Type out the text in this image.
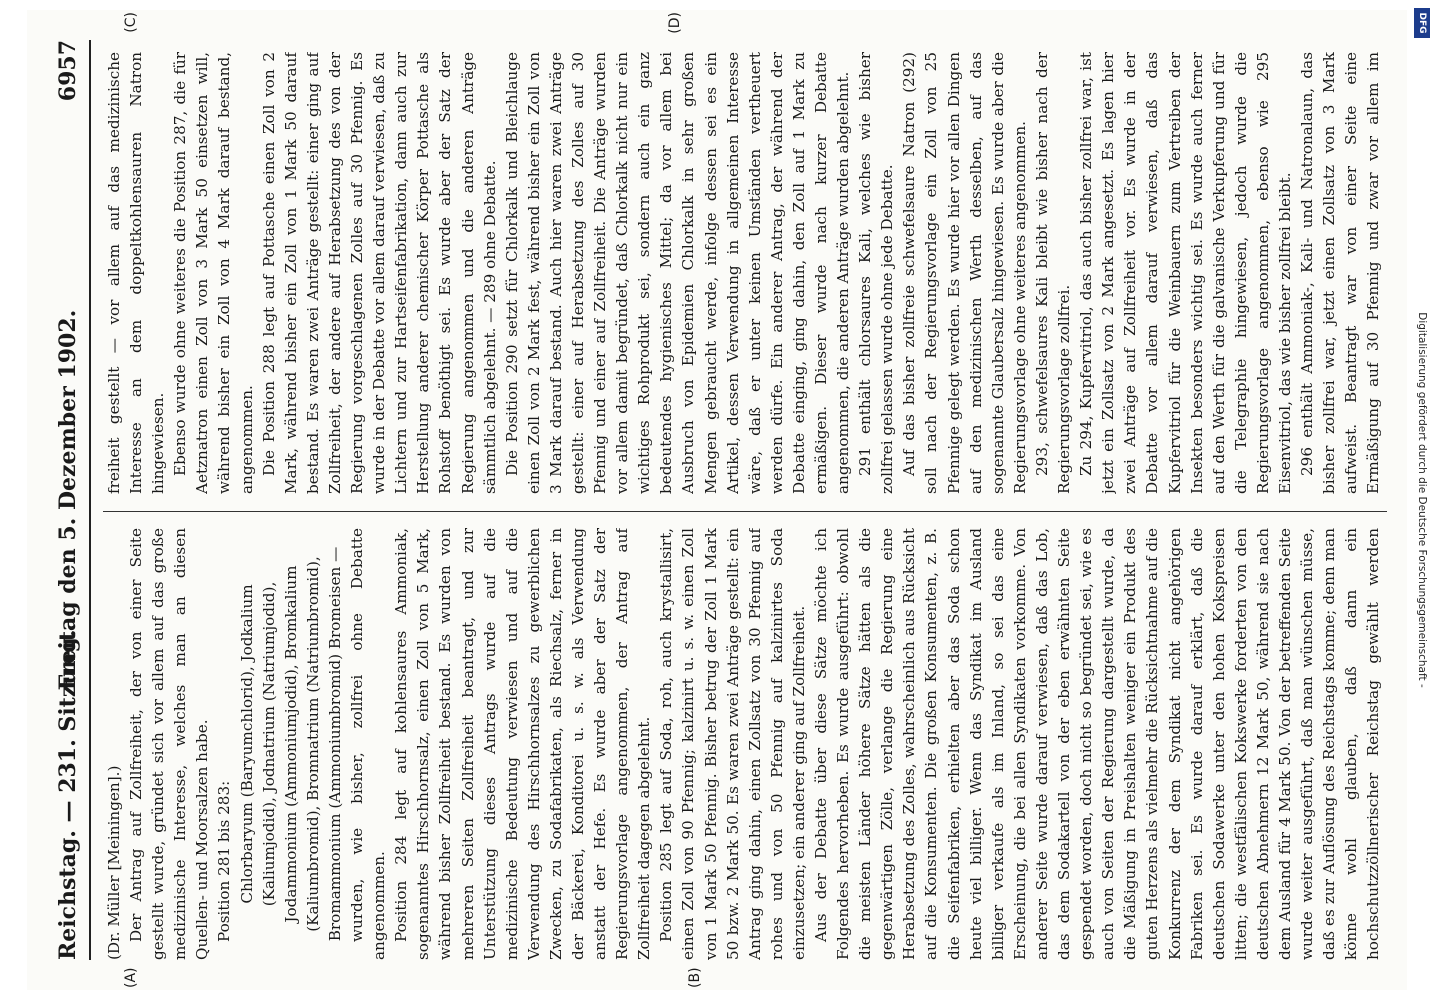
Reichstag. — 231. Sitzung.
Freitag den 5. Dezember 1902.
6957
(A)	(B)
(C)	(D)

(Dr. Müller [Meiningen].) Der Antrag auf Zollfreiheit, der von einer Seite gestellt wurde, gründet sich vor allem auf das große medizinische Interesse, welches man an diesen Quellen- und Moorsalzen habe. Position 281 bis 283: Chlorbaryum (Baryumchlorid), Jodkalium (Kaliumjodid), Jodnatrium (Natriumjodid), Jodammonium (Ammoniumjodid), Bromkalium (Kaliumbromid), Bromnatrium (Natriumbromid), Bromammonium (Ammoniumbromid) Bromeisen — wurden, wie bisher, zollfrei ohne Debatte angenommen. Position 284 legt auf kohlensaures Ammoniak, sogenanntes Hirschhornsalz, einen Zoll von 5 Mark, während bisher Zollfreiheit bestand. Es wurden von mehreren Seiten Zollfreiheit beantragt, und zur Unterstützung dieses Antrags wurde auf die medizinische Bedeutung verwiesen und auf die Verwendung des Hirschhornsalzes zu gewerblichen Zwecken, zu Sodafabrikaten, als Riechsalz, ferner in der Bäckerei, Konditorei u. s. w. als Verwendung anstatt der Hefe. Es wurde aber der Satz der Regierungsvorlage angenommen, der Antrag auf Zollfreiheit dagegen abgelehnt. Position 285 legt auf Soda, roh, auch krystallisirt, einen Zoll von 90 Pfennig; kalzinirt u. s. w. einen Zoll von 1 Mark 50 Pfennig. Bisher betrug der Zoll 1 Mark 50 bzw. 2 Mark 50. Es waren zwei Anträge gestellt: ein Antrag ging dahin, einen Zollsatz von 30 Pfennig auf rohes und von 50 Pfennig auf kalzinirtes Soda einzusetzen; ein anderer ging auf Zollfreiheit. Aus der Debatte über diese Sätze möchte ich Folgendes hervorheben. Es wurde ausgeführt: obwohl die meisten Länder höhere Sätze hätten als die gegenwärtigen Zölle, verlange die Regierung eine Herabsetzung des Zolles, wahrscheinlich aus Rücksicht auf die Konsumenten. Die großen Konsumenten, z. B. die Seifenfabriken, erhielten aber das Soda schon heute viel billiger. Wenn das Syndikat im Ausland billiger verkaufe als im Inland, so sei das eine Erscheinung, die bei allen Syndikaten vorkomme. Von anderer Seite wurde darauf verwiesen, daß das Lob, das dem Sodakartell von der eben erwähnten Seite gespendet worden, doch nicht so begründet sei, wie es auch von Seiten der Regierung dargestellt wurde, da die Mäßigung in Preishalten weniger ein Produkt des guten Herzens als vielmehr die Rücksichtnahme auf die Konkurrenz der dem Syndikat nicht angehörigen Fabriken sei. Es wurde darauf erklärt, daß die deutschen Sodawerke unter den hohen Kokspreisen litten; die westfälischen Kokswerke forderten von den deutschen Abnehmern 12 Mark 50, während sie nach dem Ausland für 4 Mark 50. Von der betreffenden Seite wurde weiter ausgeführt, daß man wünschen müsse, daß es zur Auflösung des Reichstags komme; denn man könne wohl glauben, daß dann ein hochschutzzöllnerischer Reichstag gewählt werden

freiheit gestellt — vor allem auf das medizinische Interesse an dem doppeltkohlensauren Natron hingewiesen. Ebenso wurde ohne weiteres die Position 287, die für Aetznatron einen Zoll von 3 Mark 50 einsetzen will, während bisher ein Zoll von 4 Mark darauf bestand, angenommen. Die Position 288 legt auf Pottasche einen Zoll von 2 Mark, während bisher ein Zoll von 1 Mark 50 darauf bestand. Es waren zwei Anträge gestellt: einer ging auf Zollfreiheit, der andere auf Herabsetzung des von der Regierung vorgeschlagenen Zolles auf 30 Pfennig. Es wurde in der Debatte vor allem darauf verwiesen, daß zu Lichtern und zur Hartseifenfabrikation, dann auch zur Herstellung anderer chemischer Körper Pottasche als Rohstoff benöthigt sei. Es wurde aber der Satz der Regierung angenommen und die anderen Anträge sämmtlich abgelehnt. — 289 ohne Debatte. Die Position 290 setzt für Chlorkalk und Bleichlauge einen Zoll von 2 Mark fest, während bisher ein Zoll von 3 Mark darauf bestand. Auch hier waren zwei Anträge gestellt: einer auf Herabsetzung des Zolles auf 30 Pfennig und einer auf Zollfreiheit. Die Anträge wurden vor allem damit begründet, daß Chlorkalk nicht nur ein wichtiges Rohprodukt sei, sondern auch ein ganz bedeutendes hygienisches Mittel; da vor allem bei Ausbruch von Epidemien Chlorkalk in sehr großen Mengen gebraucht werde, infolge dessen sei es ein Artikel, dessen Verwendung in allgemeinen Interesse wäre, daß er unter keinen Umständen vertheuert werden dürfe. Ein anderer Antrag, der während der Debatte einging, ging dahin, den Zoll auf 1 Mark zu ermäßigen. Dieser wurde nach kurzer Debatte angenommen, die anderen Anträge wurden abgelehnt. 291 enthält chlorsaures Kali, welches wie bisher zollfrei gelassen wurde ohne jede Debatte. Auf das bisher zollfreie schwefelsaure Natron (292) soll nach der Regierungsvorlage ein Zoll von 25 Pfennige gelegt werden. Es wurde hier vor allen Dingen auf den medizinischen Werth desselben, auf das sogenannte Glaubersalz hingewiesen. Es wurde aber die Regierungsvorlage ohne weiteres angenommen. 293, schwefelsaures Kali bleibt wie bisher nach der Regierungsvorlage zollfrei. Zu 294, Kupfervitriol, das auch bisher zollfrei war, ist jetzt ein Zollsatz von 2 Mark angesetzt. Es lagen hier zwei Anträge auf Zollfreiheit vor. Es wurde in der Debatte vor allem darauf verwiesen, daß das Kupfervitriol für die Weinbauern zum Vertreiben der Insekten besonders wichtig sei. Es wurde auch ferner auf den Werth für die galvanische Verkupferung und für die Telegraphie hingewiesen, jedoch wurde die Regierungsvorlage angenommen, ebenso wie 295 Eisenvitriol, das wie bisher zollfrei bleibt. 296 enthält Ammoniak-, Kali- und Natronalaun, das bisher zollfrei war, jetzt einen Zollsatz von 3 Mark aufweist. Beantragt war von einer Seite eine Ermäßigung auf 30 Pfennig und zwar vor allem im

DFG
Digitalisierung gefördert durch die Deutsche Forschungsgemeinschaft -
